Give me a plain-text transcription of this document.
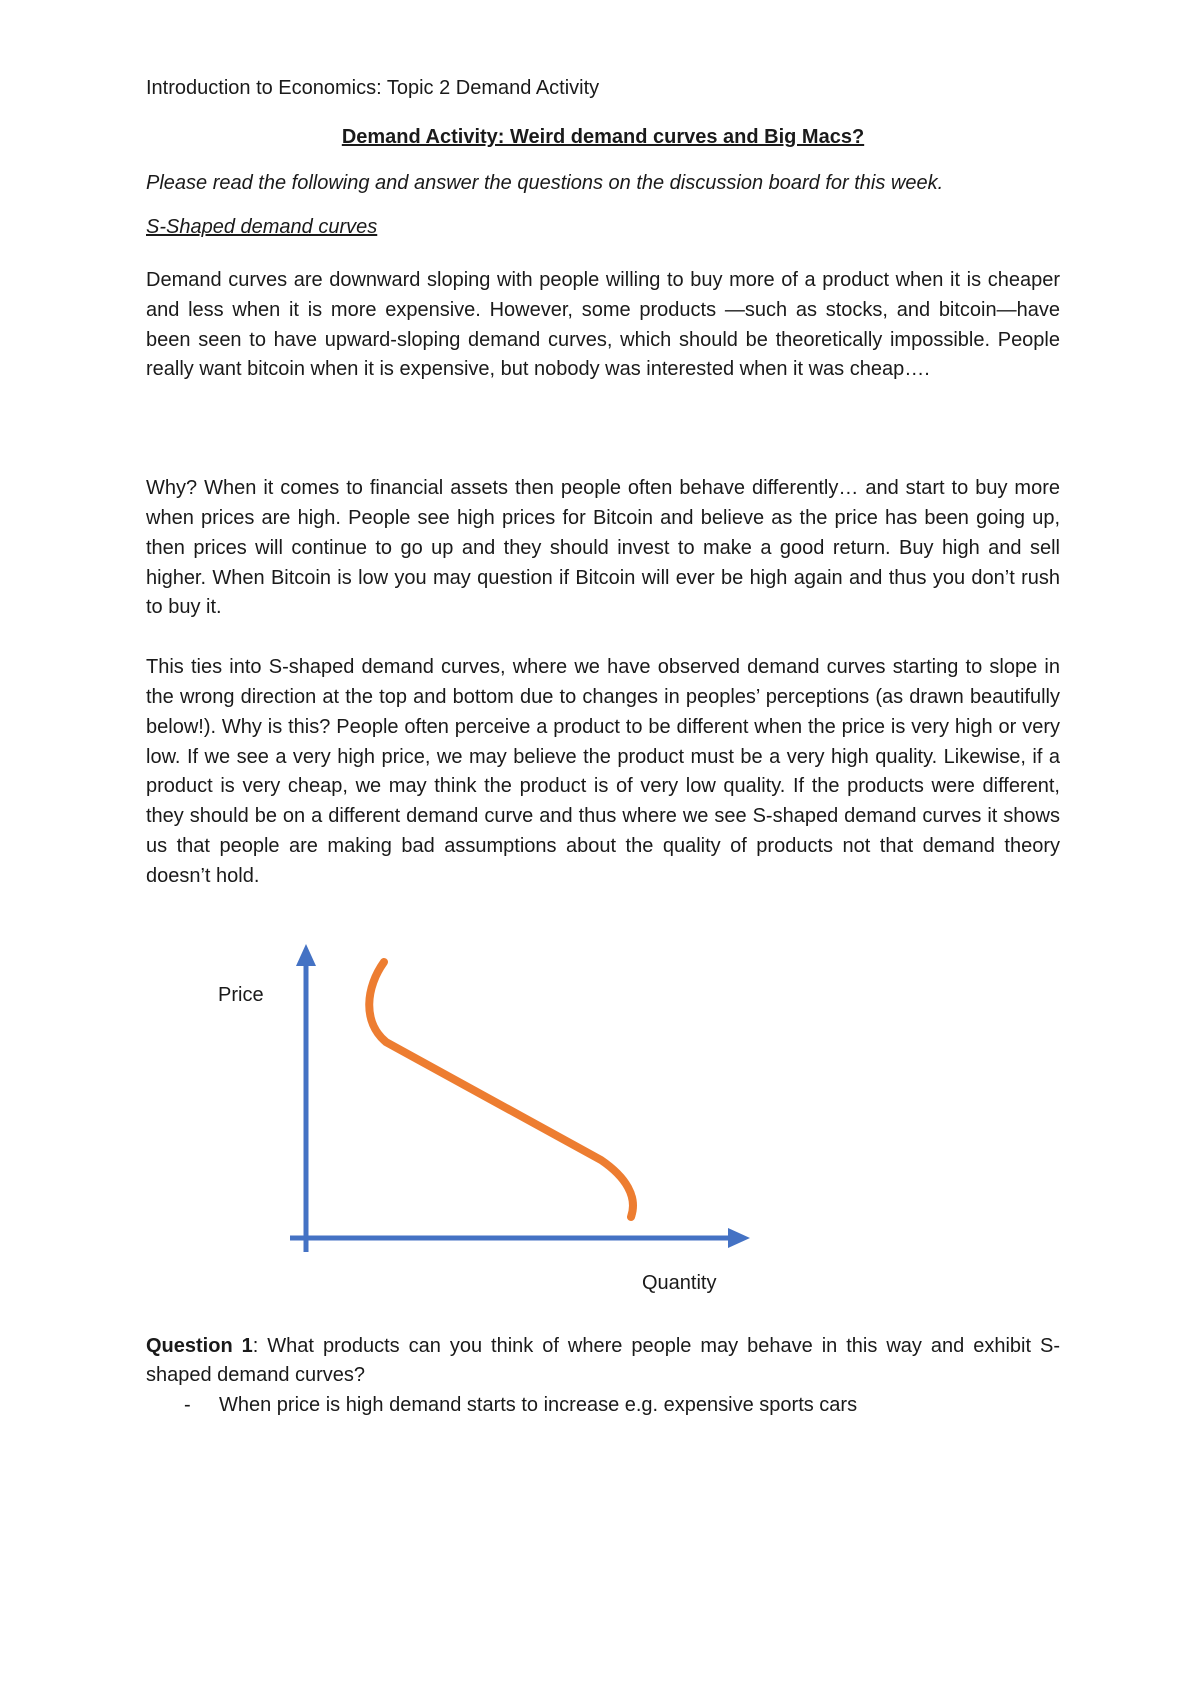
Introduction to Economics: Topic 2 Demand Activity
Demand Activity: Weird demand curves and Big Macs?
Please read the following and answer the questions on the discussion board for this week.
S-Shaped demand curves

Demand curves are downward sloping with people willing to buy more of a product when it is cheaper and less when it is more expensive. However, some products —such as stocks, and bitcoin—have been seen to have upward-sloping demand curves, which should be theoretically impossible. People really want bitcoin when it is expensive, but nobody was interested when it was cheap….

Why? When it comes to financial assets then people often behave differently… and start to buy more when prices are high. People see high prices for Bitcoin and believe as the price has been going up, then prices will continue to go up and they should invest to make a good return. Buy high and sell higher. When Bitcoin is low you may question if Bitcoin will ever be high again and thus you don’t rush to buy it.

This ties into S-shaped demand curves, where we have observed demand curves starting to slope in the wrong direction at the top and bottom due to changes in peoples’ perceptions (as drawn beautifully below!). Why is this? People often perceive a product to be different when the price is very high or very low. If we see a very high price, we may believe the product must be a very high quality. Likewise, if a product is very cheap, we may think the product is of very low quality. If the products were different, they should be on a different demand curve and thus where we see S-shaped demand curves it shows us that people are making bad assumptions about the quality of products not that demand theory doesn’t hold.

Price
Quantity

Question 1: What products can you think of where people may behave in this way and exhibit S-shaped demand curves?

- When price is high demand starts to increase e.g. expensive sports cars
